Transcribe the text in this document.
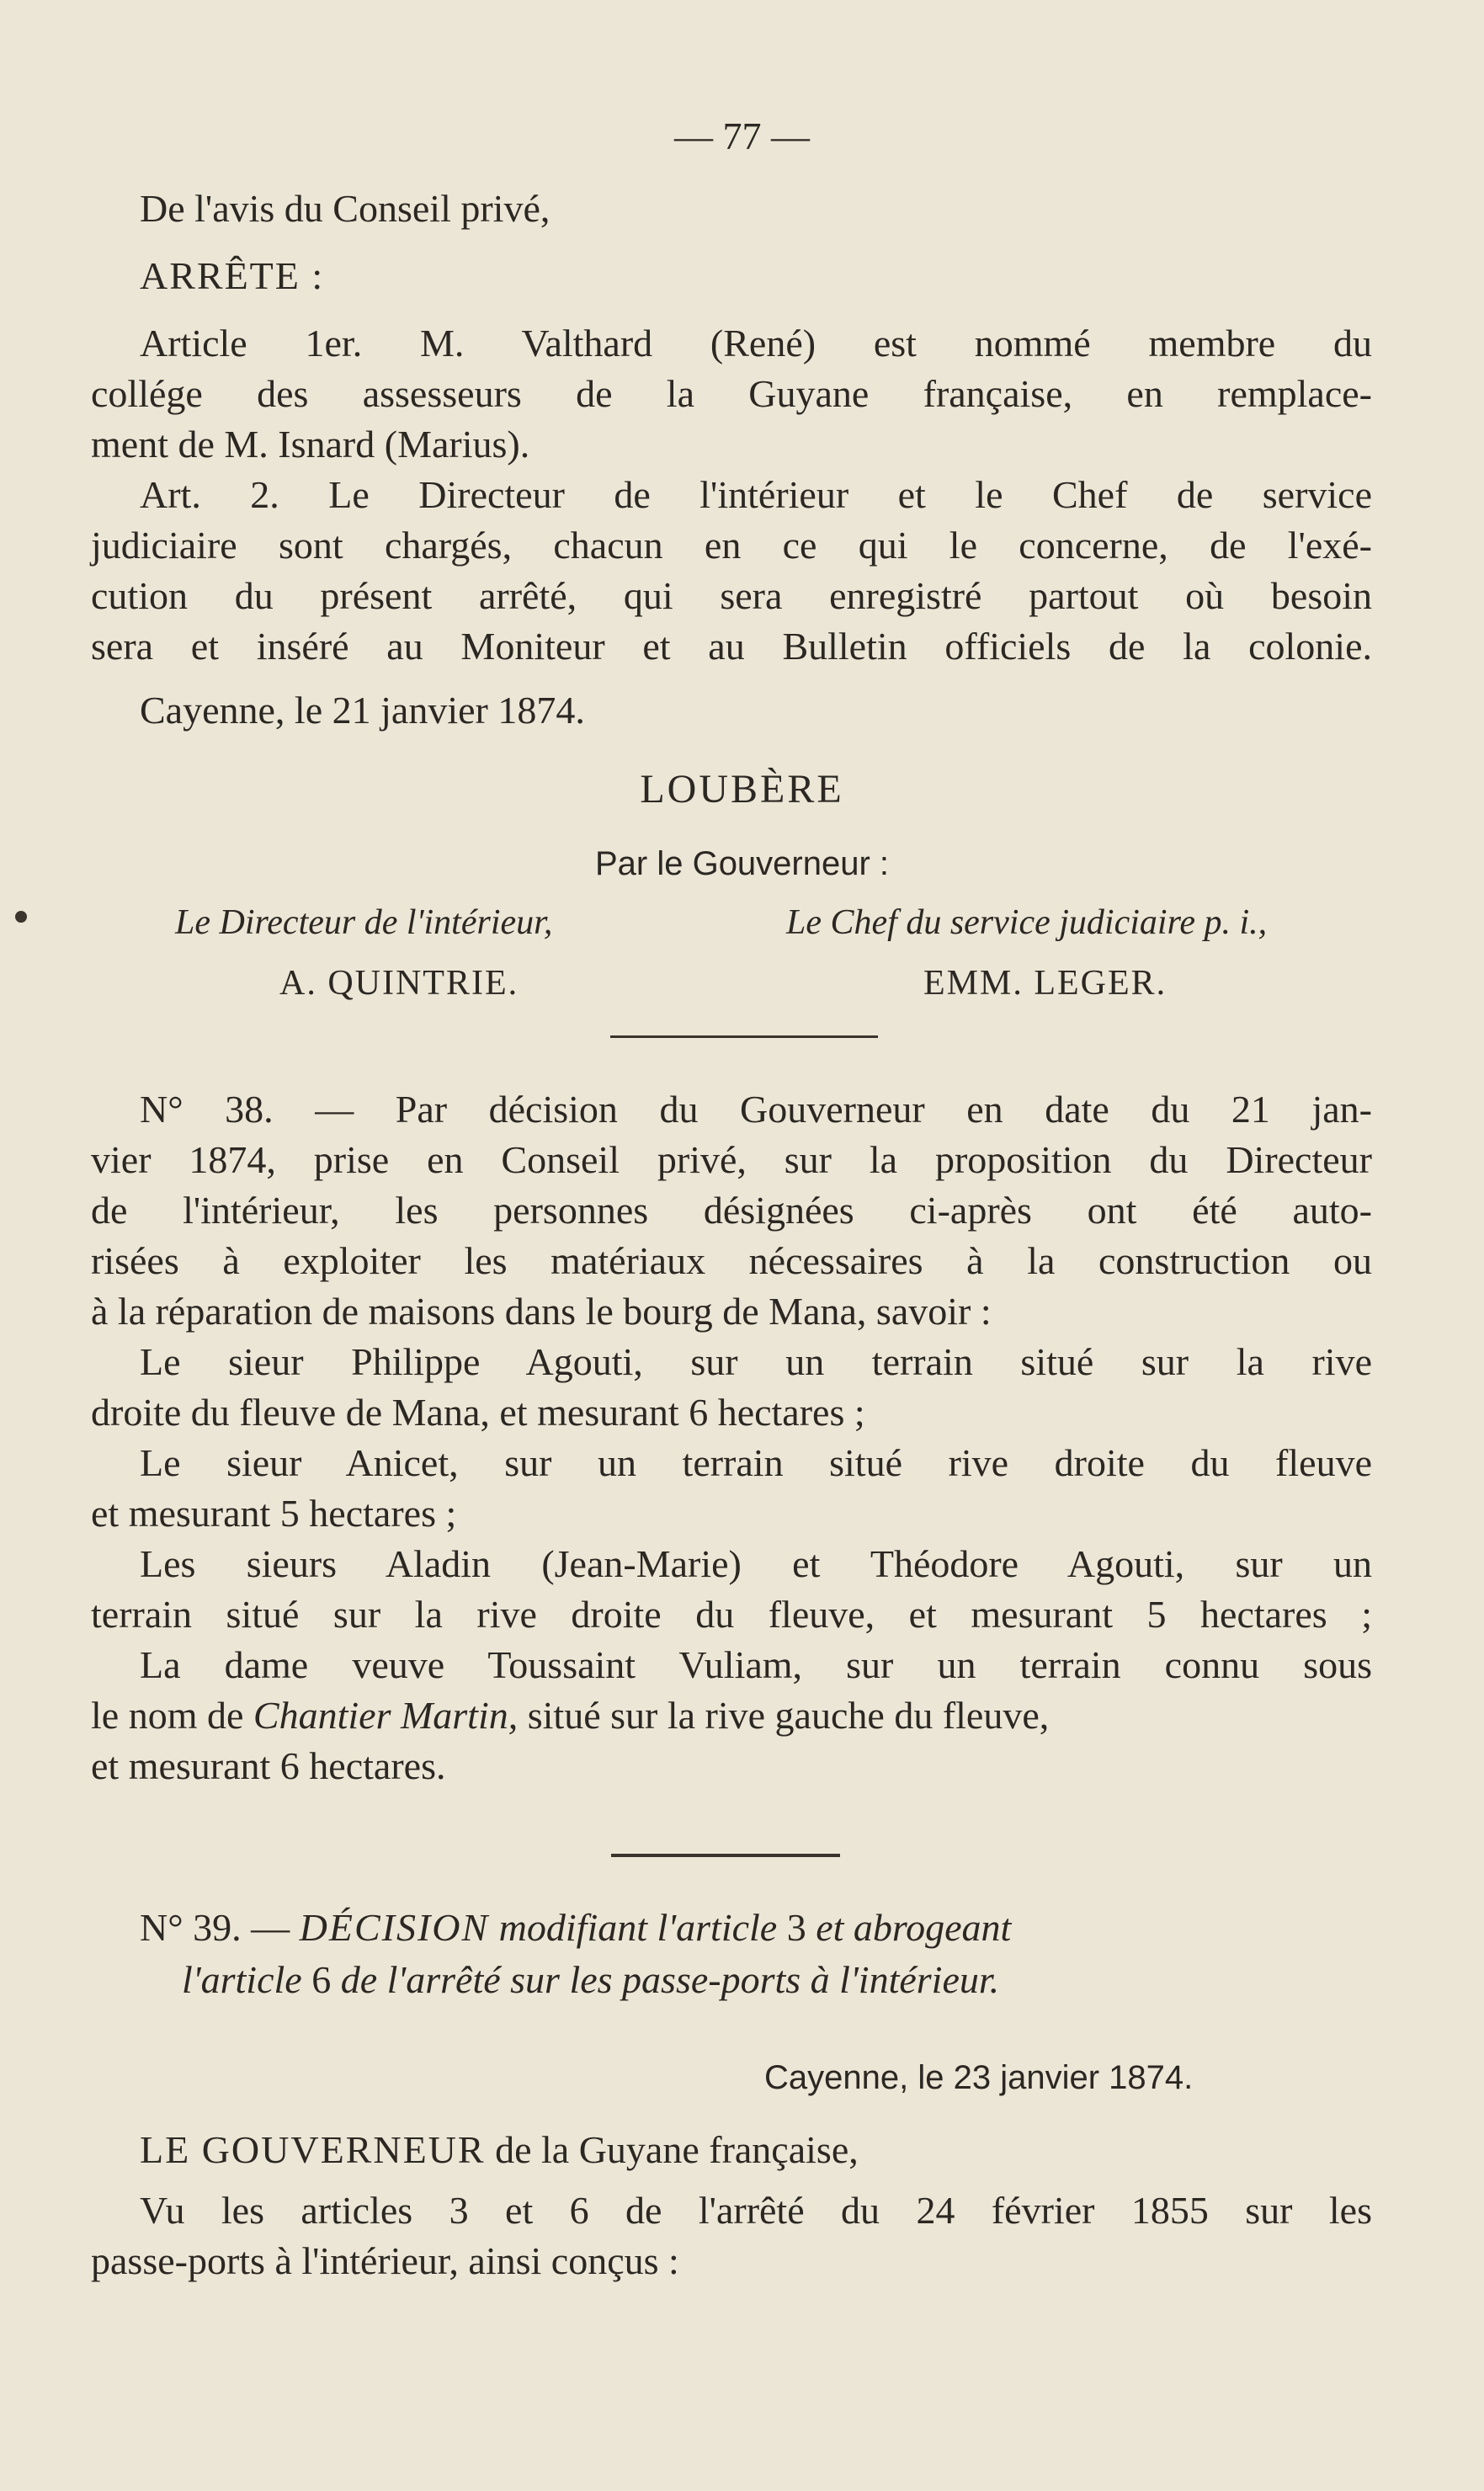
— 77 —
De l'avis du Conseil privé,
ARRÊTE :
Article 1er. M. Valthard (René) est nommé membre du
collége des assesseurs de la Guyane française, en remplace-
ment de M. Isnard (Marius).
Art. 2. Le Directeur de l'intérieur et le Chef de service
judiciaire sont chargés, chacun en ce qui le concerne, de l'exé-
cution du présent arrêté, qui sera enregistré partout où besoin
sera et inséré au Moniteur et au Bulletin officiels de la colonie.
Cayenne, le 21 janvier 1874.
LOUBÈRE
Par le Gouverneur :
Le Directeur de l'intérieur,	Le Chef du service judiciaire p. i.,
A. QUINTRIE.	EMM. LEGER.
N° 38. — Par décision du Gouverneur en date du 21 jan-
vier 1874, prise en Conseil privé, sur la proposition du Directeur
de l'intérieur, les personnes désignées ci-après ont été auto-
risées à exploiter les matériaux nécessaires à la construction ou
à la réparation de maisons dans le bourg de Mana, savoir :
Le sieur Philippe Agouti, sur un terrain situé sur la rive
droite du fleuve de Mana, et mesurant 6 hectares ;
Le sieur Anicet, sur un terrain situé rive droite du fleuve
et mesurant 5 hectares ;
Les sieurs Aladin (Jean-Marie) et Théodore Agouti, sur un
terrain situé sur la rive droite du fleuve, et mesurant 5 hectares ;
La dame veuve Toussaint Vuliam, sur un terrain connu sous
le nom de Chantier Martin, situé sur la rive gauche du fleuve,
et mesurant 6 hectares.
N° 39. — DÉCISION modifiant l'article 3 et abrogeant
l'article 6 de l'arrêté sur les passe-ports à l'intérieur.
Cayenne, le 23 janvier 1874.
LE GOUVERNEUR de la Guyane française,
Vu les articles 3 et 6 de l'arrêté du 24 février 1855 sur les
passe-ports à l'intérieur, ainsi conçus :
